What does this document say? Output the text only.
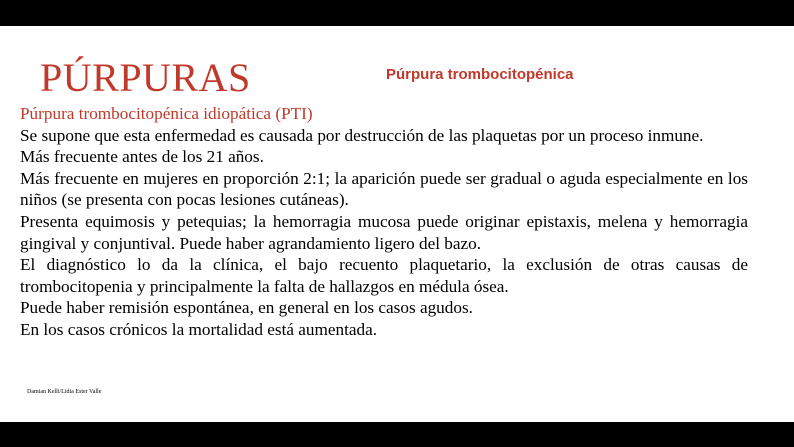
PÚRPURAS	Púrpura trombocitopénica

Púrpura trombocitopénica idiopática (PTI)

Se supone que esta enfermedad es causada por destrucción de las plaquetas por un proceso inmune.

Más frecuente antes de los 21 años.

Más frecuente en mujeres en proporción 2:1; la aparición puede ser gradual o aguda especialmente en los niños (se presenta con pocas lesiones cutáneas).

Presenta equimosis y petequias; la hemorragia mucosa puede originar epistaxis, melena y hemorragia gingival y conjuntival. Puede haber agrandamiento ligero del bazo.

El diagnóstico lo da la clínica, el bajo recuento plaquetario, la exclusión de otras causas de trombocitopenia y principalmente la falta de hallazgos en médula ósea.

Puede haber remisión espontánea, en general en los casos agudos.

En los casos crónicos la mortalidad está aumentada.

Damian Kelli/Lidia Ester Valle
